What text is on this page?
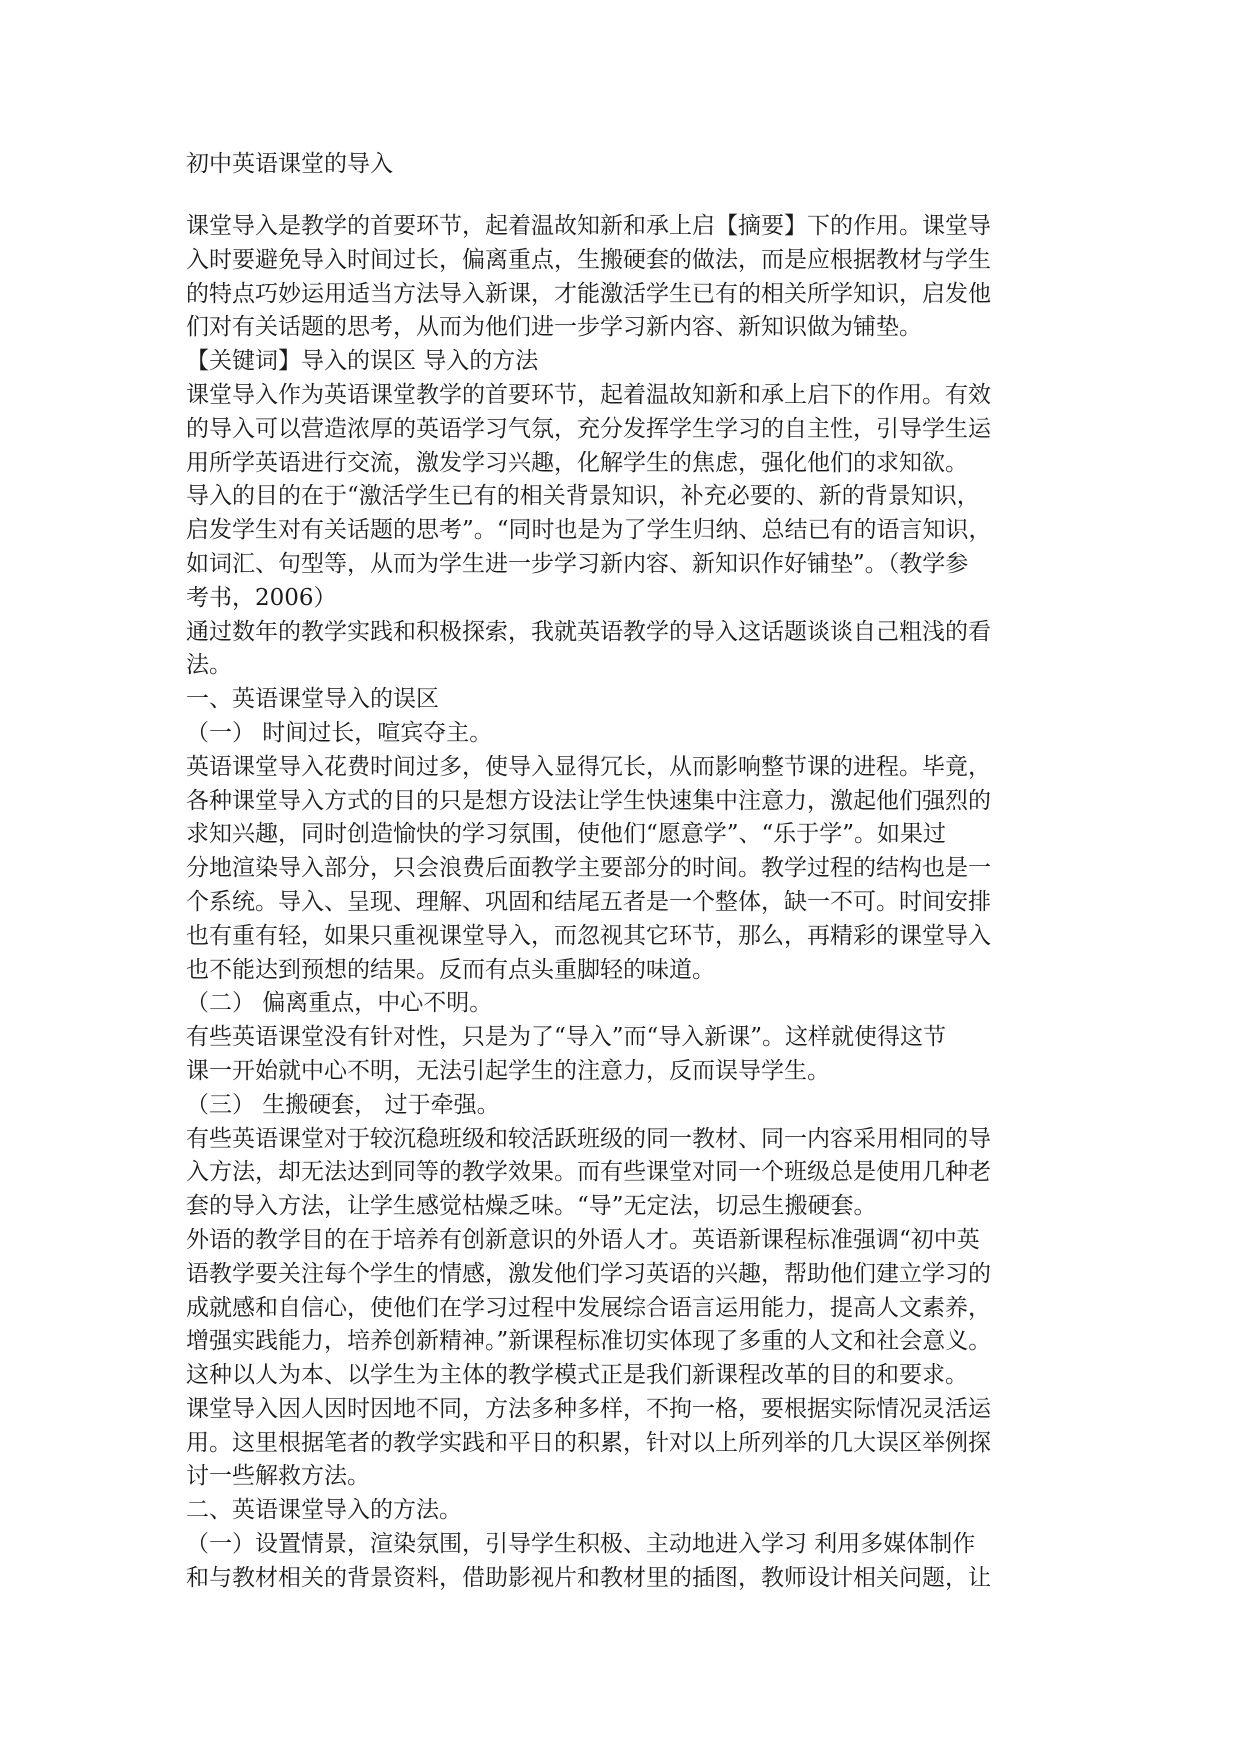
初中英语课堂的导入
课堂导入是教学的首要环节，起着温故知新和承上启【摘要】下的作用。课堂导
入时要避免导入时间过长，偏离重点，生搬硬套的做法，而是应根据教材与学生
的特点巧妙运用适当方法导入新课，才能激活学生已有的相关所学知识，启发他
们对有关话题的思考，从而为他们进一步学习新内容、新知识做为铺垫。
【关键词】导入的误区 导入的方法
课堂导入作为英语课堂教学的首要环节，起着温故知新和承上启下的作用。有效
的导入可以营造浓厚的英语学习气氛，充分发挥学生学习的自主性，引导学生运
用所学英语进行交流，激发学习兴趣，化解学生的焦虑，强化他们的求知欲。
导入的目的在于“激活学生已有的相关背景知识，补充必要的、新的背景知识，
启发学生对有关话题的思考”。“同时也是为了学生归纳、总结已有的语言知识，
如词汇、句型等，从而为学生进一步学习新内容、新知识作好铺垫”。（教学参
考书，2006）
通过数年的教学实践和积极探索，我就英语教学的导入这话题谈谈自己粗浅的看
法。
一、英语课堂导入的误区
（一） 时间过长，喧宾夺主。
英语课堂导入花费时间过多，使导入显得冗长，从而影响整节课的进程。毕竟，
各种课堂导入方式的目的只是想方设法让学生快速集中注意力，激起他们强烈的
求知兴趣，同时创造愉快的学习氛围，使他们“愿意学”、“乐于学”。如果过
分地渲染导入部分，只会浪费后面教学主要部分的时间。教学过程的结构也是一
个系统。导入、呈现、理解、巩固和结尾五者是一个整体，缺一不可。时间安排
也有重有轻，如果只重视课堂导入，而忽视其它环节，那么，再精彩的课堂导入
也不能达到预想的结果。反而有点头重脚轻的味道。
（二） 偏离重点，中心不明。
有些英语课堂没有针对性，只是为了“导入”而“导入新课”。这样就使得这节
课一开始就中心不明，无法引起学生的注意力，反而误导学生。
（三） 生搬硬套， 过于牵强。
有些英语课堂对于较沉稳班级和较活跃班级的同一教材、同一内容采用相同的导
入方法，却无法达到同等的教学效果。而有些课堂对同一个班级总是使用几种老
套的导入方法，让学生感觉枯燥乏味。“导”无定法，切忌生搬硬套。
外语的教学目的在于培养有创新意识的外语人才。英语新课程标准强调“初中英
语教学要关注每个学生的情感，激发他们学习英语的兴趣，帮助他们建立学习的
成就感和自信心，使他们在学习过程中发展综合语言运用能力，提高人文素养，
增强实践能力，培养创新精神。”新课程标准切实体现了多重的人文和社会意义。
这种以人为本、以学生为主体的教学模式正是我们新课程改革的目的和要求。
课堂导入因人因时因地不同，方法多种多样，不拘一格，要根据实际情况灵活运
用。这里根据笔者的教学实践和平日的积累，针对以上所列举的几大误区举例探
讨一些解救方法。
二、英语课堂导入的方法。
（一）设置情景，渲染氛围，引导学生积极、主动地进入学习 利用多媒体制作
和与教材相关的背景资料，借助影视片和教材里的插图，教师设计相关问题，让
